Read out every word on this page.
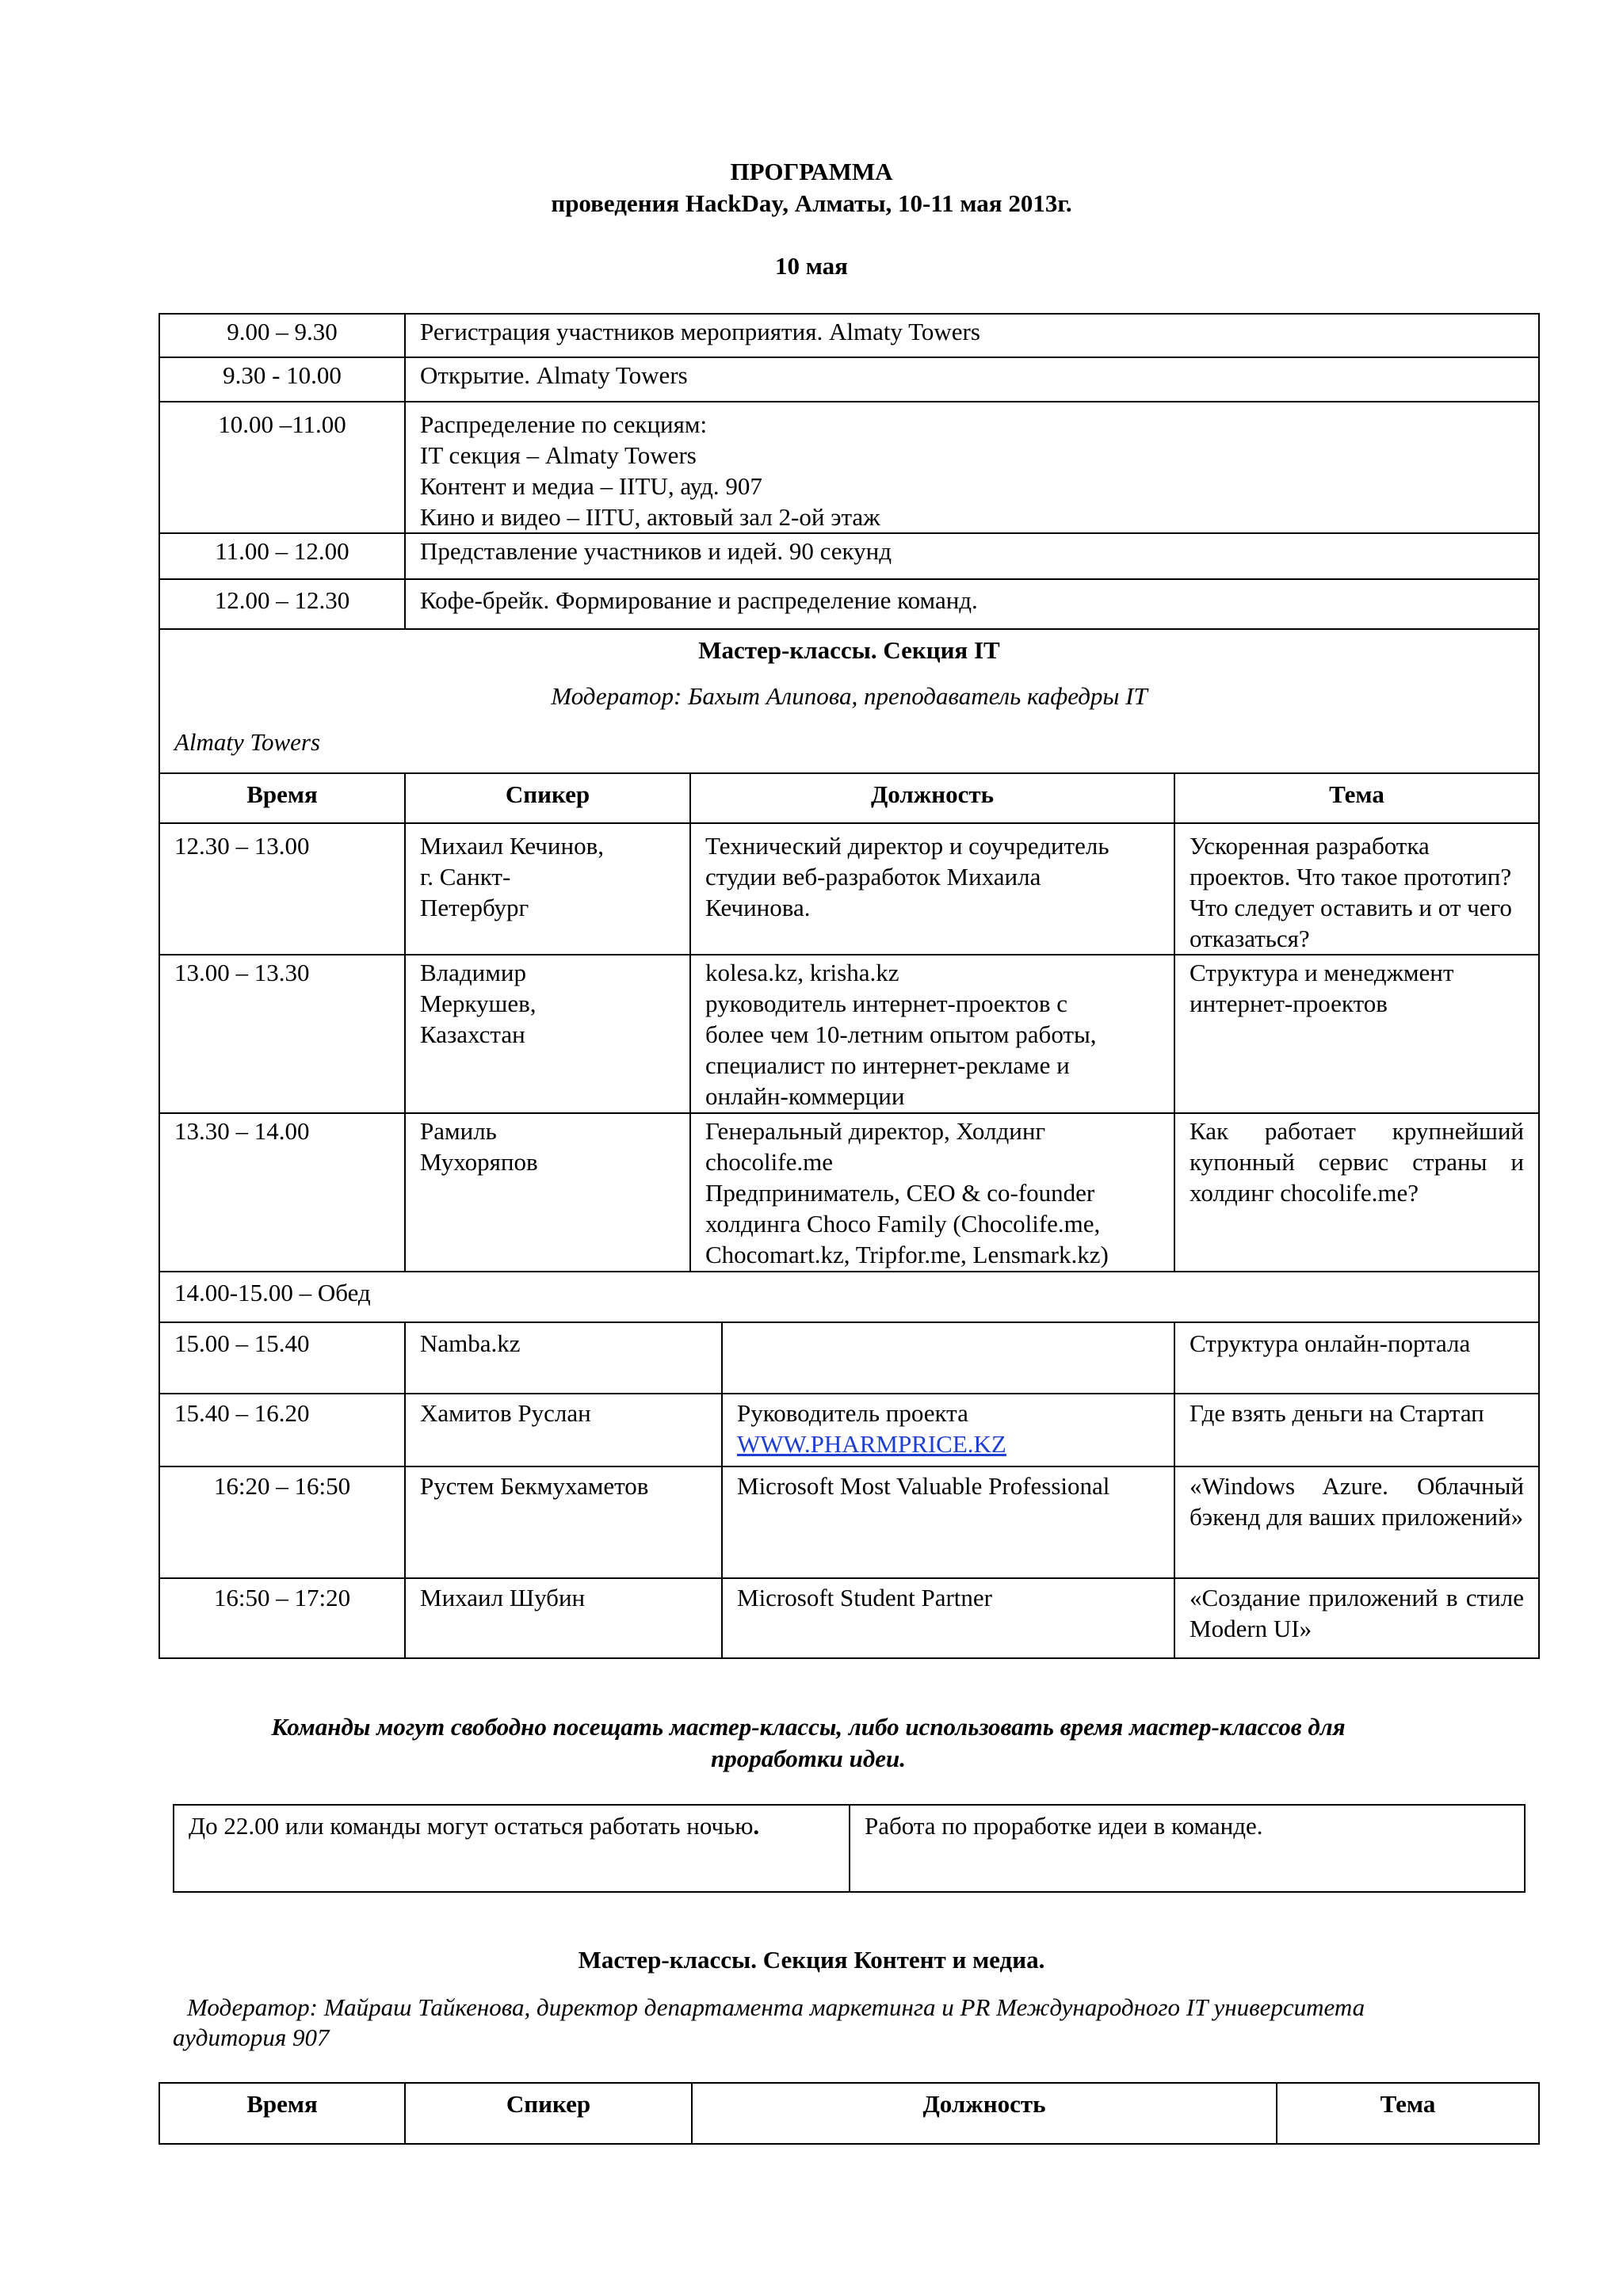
ПРОГРАММА
проведения HackDay, Алматы, 10-11 мая 2013г.
10 мая
9.00 – 9.30	Регистрация участников мероприятия. Almaty Towers			
9.30 - 10.00	Открытие. Almaty Towers			
10.00 –11.00	Распределение по секциям:
IT секция – Almaty Towers
Контент и медиа – IITU, ауд. 907
Кино и видео – IITU, актовый зал 2-ой этаж			

11.00 – 12.00	Представление участников и идей. 90 секунд			
12.00 – 12.30	Кофе-брейк. Формирование и распределение команд.			

Мастер-классы. Секция IT
Модератор: Бахыт Алипова, преподаватель кафедры IT
Almaty Towers				

Время	Спикер	Должность		Тема
12.30 – 13.00	Михаил Кечинов,
г. Санкт-
Петербург	Технический директор и соучредитель
студии веб-разработок Михаила
Кечинова.		Ускоренная разработка
проектов. Что такое прототип?
Что следует оставить и от чего
отказаться?

13.00 – 13.30	Владимир
Меркушев,
Казахстан	kolesa.kz, krisha.kz
руководитель интернет-проектов с
более чем 10-летним опытом работы,
специалист по интернет-рекламе и
онлайн-коммерции		Структура и менеджмент
интернет-проектов

13.30 – 14.00	Рамиль
Мухоряпов	Генеральный директор, Холдинг
chocolife.me
Предприниматель, CEO & co-founder
холдинга Choco Family (Chocolife.me,
Chocomart.kz, Tripfor.me, Lensmark.kz)		Как работает крупнейший купонный сервис страны и холдинг chocolife.me?
14.00-15.00 – Обед				
15.00 – 15.40	Namba.kz			Структура онлайн-портала
15.40 – 16.20	Хамитов Руслан		Руководитель проекта
WWW.PHARMPRICE.KZ	Где взять деньги на Стартап
16:20 – 16:50	Рустем Бекмухаметов		Microsoft Most Valuable Professional	«Windows Azure. Облачный бэкенд для ваших приложений»
16:50 – 17:20	Михаил Шубин		Microsoft Student Partner	«Создание приложений в стиле Modern UI»
Команды могут свободно посещать мастер-классы, либо использовать время мастер-классов для
проработки идеи.
До 22.00 или команды могут остаться работать ночью.	Работа по проработке идеи в команде.
Мастер-классы. Секция Контент и медиа.
Модератор: Майраш Тайкенова, директор департамента маркетинга и PR Международного IT университета
аудитория 907
Время	Спикер	Должность	Тема
